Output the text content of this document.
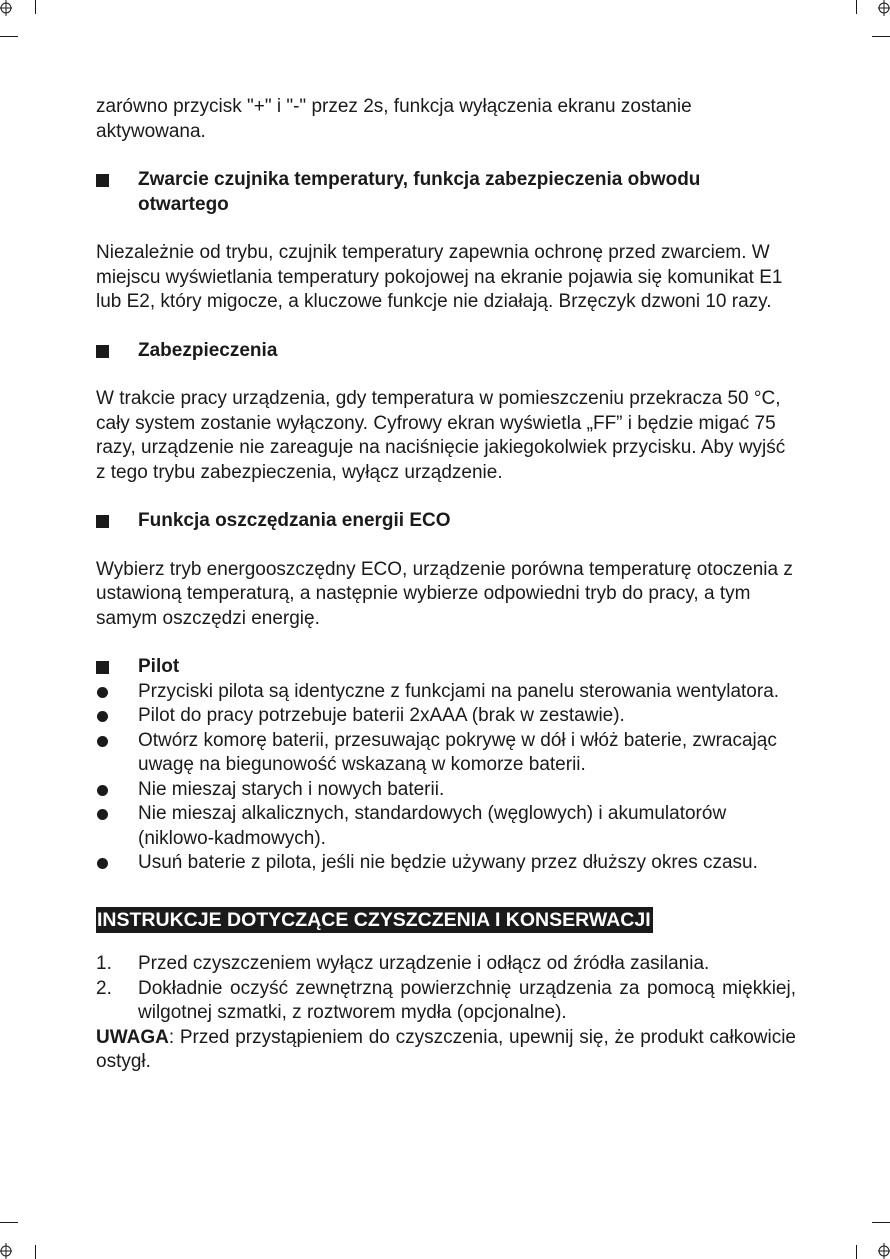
zarówno przycisk "+" i "-" przez 2s, funkcja wyłączenia ekranu zostanie aktywowana.

Zwarcie czujnika temperatury, funkcja zabezpieczenia obwodu otwartego

Niezależnie od trybu, czujnik temperatury zapewnia ochronę przed zwarciem. W miejscu wyświetlania temperatury pokojowej na ekranie pojawia się komunikat E1 lub E2, który migocze, a kluczowe funkcje nie działają. Brzęczyk dzwoni 10 razy.

Zabezpieczenia

W trakcie pracy urządzenia, gdy temperatura w pomieszczeniu przekracza 50 °C, cały system zostanie wyłączony. Cyfrowy ekran wyświetla „FF” i będzie migać 75 razy, urządzenie nie zareaguje na naciśnięcie jakiegokolwiek przycisku. Aby wyjść z tego trybu zabezpieczenia, wyłącz urządzenie.

Funkcja oszczędzania energii ECO

Wybierz tryb energooszczędny ECO, urządzenie porówna temperaturę otoczenia z ustawioną temperaturą, a następnie wybierze odpowiedni tryb do pracy, a tym samym oszczędzi energię.

Pilot
Przyciski pilota są identyczne z funkcjami na panelu sterowania wentylatora.
Pilot do pracy potrzebuje baterii 2xAAA (brak w zestawie).
Otwórz komorę baterii, przesuwając pokrywę w dół i włóż baterie, zwracając uwagę na biegunowość wskazaną w komorze baterii.
Nie mieszaj starych i nowych baterii.
Nie mieszaj alkalicznych, standardowych (węglowych) i akumulatorów (niklowo-kadmowych).
Usuń baterie z pilota, jeśli nie będzie używany przez dłuższy okres czasu.
INSTRUKCJE DOTYCZĄCE CZYSZCZENIA I KONSERWACJI
1.	Przed czyszczeniem wyłącz urządzenie i odłącz od źródła zasilania.
2.	Dokładnie oczyść zewnętrzną powierzchnię urządzenia za pomocą miękkiej, wilgotnej szmatki, z roztworem mydła (opcjonalne).

UWAGA: Przed przystąpieniem do czyszczenia, upewnij się, że produkt całkowicie ostygł.
